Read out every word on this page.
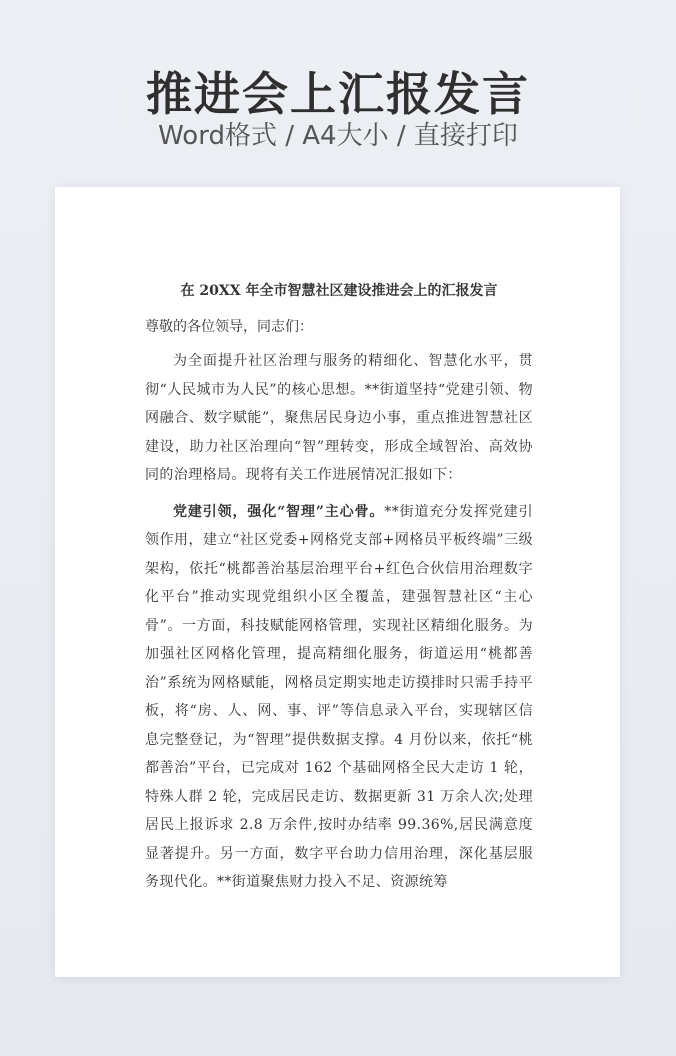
推进会上汇报发言
Word格式 / A4大小 / 直接打印

在 20XX 年全市智慧社区建设推进会上的汇报发言

尊敬的各位领导，同志们：

为全面提升社区治理与服务的精细化、智慧化水平，贯彻“人民城市为人民”的核心思想。**街道坚持“党建引领、物网融合、数字赋能”，聚焦居民身边小事，重点推进智慧社区建设，助力社区治理向“智”理转变，形成全域智治、高效协同的治理格局。现将有关工作进展情况汇报如下：

党建引领，强化“智理”主心骨。**街道充分发挥党建引领作用，建立“社区党委+网格党支部+网格员平板终端”三级架构，依托“桃都善治基层治理平台+红色合伙信用治理数字化平台”推动实现党组织小区全覆盖，建强智慧社区“主心骨”。一方面，科技赋能网格管理，实现社区精细化服务。为加强社区网格化管理，提高精细化服务，街道运用“桃都善治”系统为网格赋能，网格员定期实地走访摸排时只需手持平板，将“房、人、网、事、评”等信息录入平台，实现辖区信息完整登记，为“智理”提供数据支撑。4 月份以来，依托“桃都善治”平台，已完成对 162 个基础网格全民大走访 1 轮，特殊人群 2 轮，完成居民走访、数据更新 31 万余人次;处理居民上报诉求 2.8 万余件,按时办结率 99.36%,居民满意度显著提升。另一方面，数字平台助力信用治理，深化基层服务现代化。**街道聚焦财力投入不足、资源统筹
